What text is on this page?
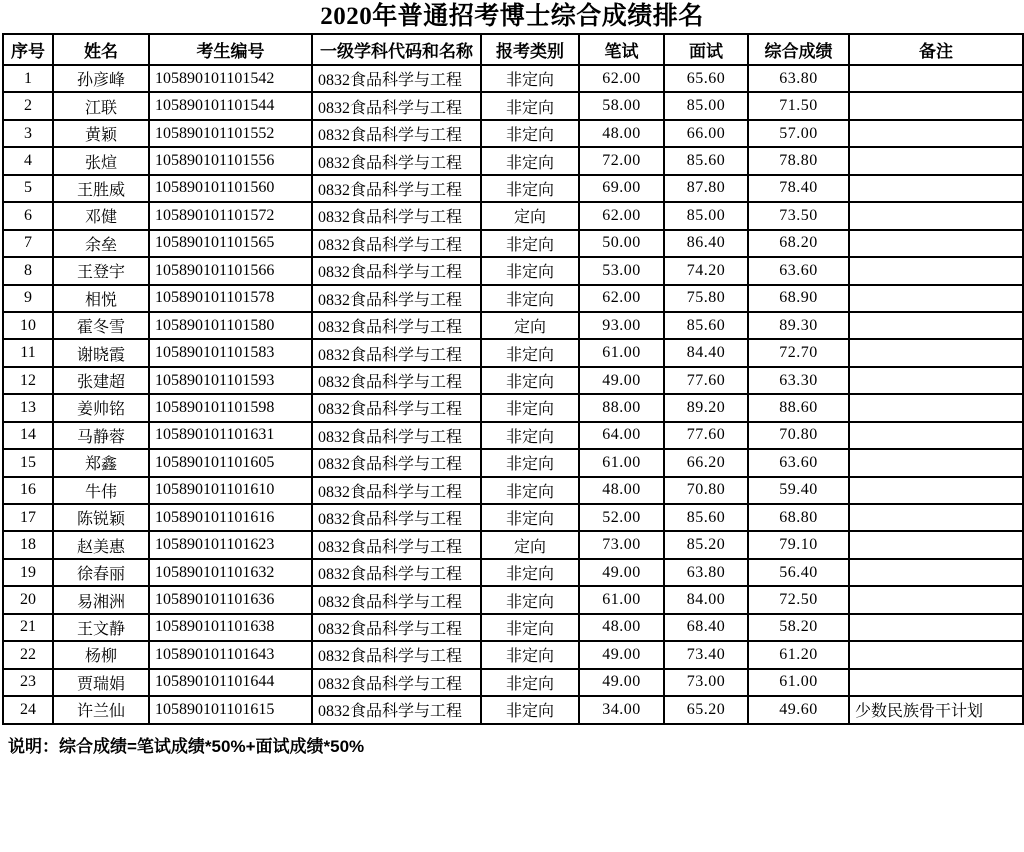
2020年普通招考博士综合成绩排名
序号	姓名	考生编号	一级学科代码和名称	报考类别	笔试	面试	综合成绩	备注
1	孙彦峰	105890101101542	0832食品科学与工程	非定向	62.00	65.60	63.80	
2	江联	105890101101544	0832食品科学与工程	非定向	58.00	85.00	71.50	
3	黄颖	105890101101552	0832食品科学与工程	非定向	48.00	66.00	57.00	
4	张煊	105890101101556	0832食品科学与工程	非定向	72.00	85.60	78.80	
5	王胜威	105890101101560	0832食品科学与工程	非定向	69.00	87.80	78.40	
6	邓健	105890101101572	0832食品科学与工程	定向	62.00	85.00	73.50	
7	余垒	105890101101565	0832食品科学与工程	非定向	50.00	86.40	68.20	
8	王登宇	105890101101566	0832食品科学与工程	非定向	53.00	74.20	63.60	
9	相悦	105890101101578	0832食品科学与工程	非定向	62.00	75.80	68.90	
10	霍冬雪	105890101101580	0832食品科学与工程	定向	93.00	85.60	89.30	
11	谢晓霞	105890101101583	0832食品科学与工程	非定向	61.00	84.40	72.70	
12	张建超	105890101101593	0832食品科学与工程	非定向	49.00	77.60	63.30	
13	姜帅铭	105890101101598	0832食品科学与工程	非定向	88.00	89.20	88.60	
14	马静蓉	105890101101631	0832食品科学与工程	非定向	64.00	77.60	70.80	
15	郑鑫	105890101101605	0832食品科学与工程	非定向	61.00	66.20	63.60	
16	牛伟	105890101101610	0832食品科学与工程	非定向	48.00	70.80	59.40	
17	陈锐颖	105890101101616	0832食品科学与工程	非定向	52.00	85.60	68.80	
18	赵美惠	105890101101623	0832食品科学与工程	定向	73.00	85.20	79.10	
19	徐春丽	105890101101632	0832食品科学与工程	非定向	49.00	63.80	56.40	
20	易湘洲	105890101101636	0832食品科学与工程	非定向	61.00	84.00	72.50	
21	王文静	105890101101638	0832食品科学与工程	非定向	48.00	68.40	58.20	
22	杨柳	105890101101643	0832食品科学与工程	非定向	49.00	73.40	61.20	
23	贾瑞娟	105890101101644	0832食品科学与工程	非定向	49.00	73.00	61.00	
24	许兰仙	105890101101615	0832食品科学与工程	非定向	34.00	65.20	49.60	少数民族骨干计划
说明：综合成绩=笔试成绩*50%+面试成绩*50%
